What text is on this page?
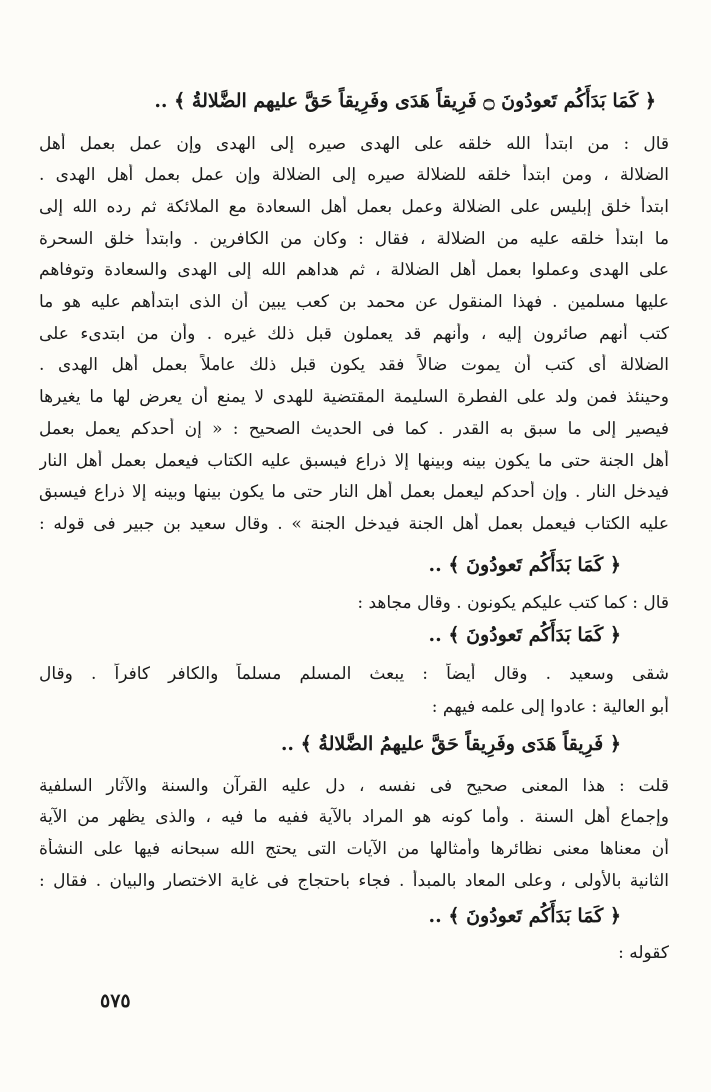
﴿ كَمَا بَدَأَكُم تَعودُونَ ۝ فَرِيقاً هَدَى وفَرِيقاً حَقَّ عليهم الضَّلالةُ ﴾ ..
قال : من ابتدأ الله خلقه على الهدى صيره إلى الهدى وإن عمل بعمل أهل
الضلالة ، ومن ابتدأ خلقه للضلالة صيره إلى الضلالة وإن عمل بعمل أهل الهدى .
ابتدأ خلق إبليس على الضلالة وعمل بعمل أهل السعادة مع الملائكة ثم رده الله إلى
ما ابتدأ خلقه عليه من الضلالة ، فقال : وكان من الكافرين . وابتدأ خلق السحرة
على الهدى وعملوا بعمل أهل الضلالة ، ثم هداهم الله إلى الهدى والسعادة وتوفاهم
عليها مسلمين . فهذا المنقول عن محمد بن كعب يبين أن الذى ابتدأهم عليه هو ما
كتب أنهم صائرون إليه ، وأنهم قد يعملون قبل ذلك غيره . وأن من ابتدىء على
الضلالة أى كتب أن يموت ضالاً فقد يكون قبل ذلك عاملاً بعمل أهل الهدى .
وحينئذ فمن ولد على الفطرة السليمة المقتضية للهدى لا يمنع أن يعرض لها ما يغيرها
فيصير إلى ما سبق به القدر . كما فى الحديث الصحيح : « إن أحدكم يعمل بعمل
أهل الجنة حتى ما يكون بينه وبينها إلا ذراع فيسبق عليه الكتاب فيعمل بعمل أهل النار
فيدخل النار . وإن أحدكم ليعمل بعمل أهل النار حتى ما يكون بينها وبينه إلا ذراع فيسبق
عليه الكتاب فيعمل بعمل أهل الجنة فيدخل الجنة » . وقال سعيد بن جبير فى قوله :
﴿ كَمَا بَدَأَكُم تَعودُونَ ﴾ ..
قال : كما كتب عليكم يكونون . وقال مجاهد :
﴿ كَمَا بَدَأَكُم تَعودُونَ ﴾ ..
شقى وسعيد . وقال أيضاً : يبعث المسلم مسلماً والكافر كافراً . وقال
أبو العالية : عادوا إلى علمه فيهم :
﴿ فَرِيقاً هَدَى وفَرِيقاً حَقَّ عليهمُ الضَّلالةُ ﴾ ..
قلت : هذا المعنى صحيح فى نفسه ، دل عليه القرآن والسنة والآثار السلفية
وإجماع أهل السنة . وأما كونه هو المراد بالآية ففيه ما فيه ، والذى يظهر من الآية
أن معناها معنى نظائرها وأمثالها من الآيات التى يحتج الله سبحانه فيها على النشأة
الثانية بالأولى ، وعلى المعاد بالمبدأ . فجاء باحتجاج فى غاية الاختصار والبيان . فقال :
﴿ كَمَا بَدَأَكُم تَعودُونَ ﴾ ..
كقوله :
٥٧٥
